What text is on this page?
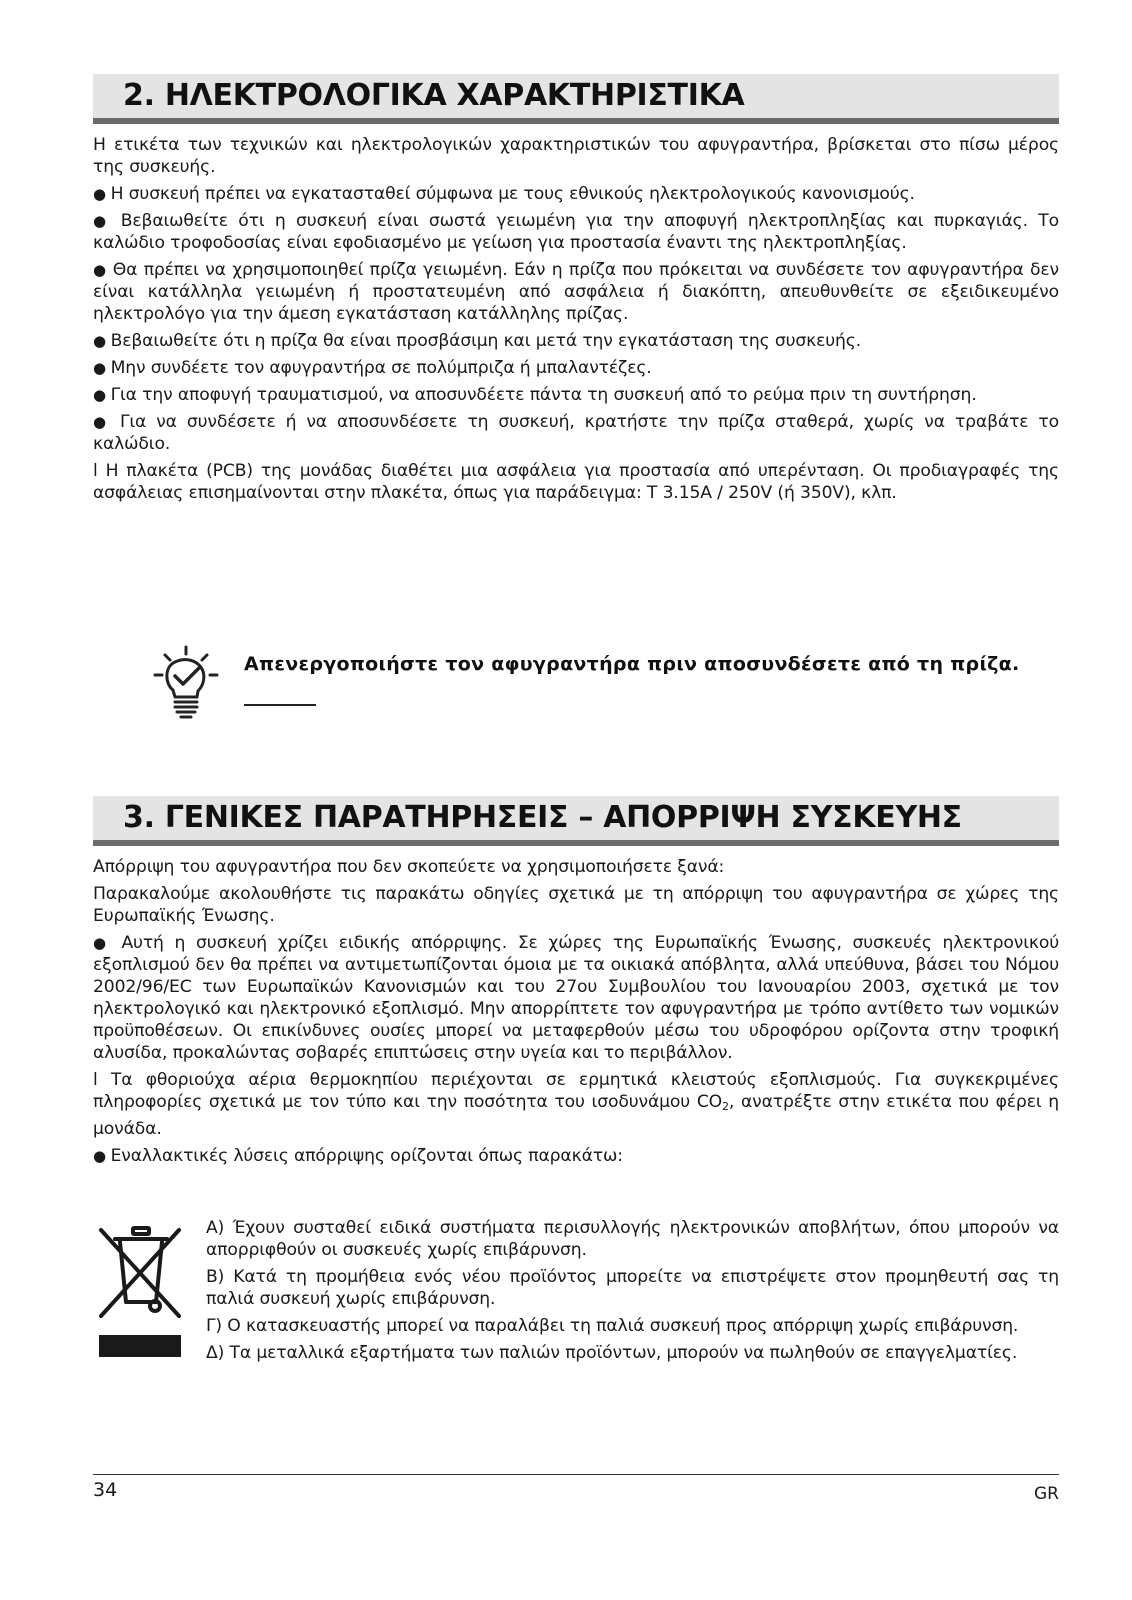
2. ΗΛΕΚΤΡΟΛΟΓΙΚΑ ΧΑΡΑΚΤΗΡΙΣΤΙΚΑ

Η ετικέτα των τεχνικών και ηλεκτρολογικών χαρακτηριστικών του αφυγραντήρα, βρίσκεται στο πίσω μέρος της συσκευής.

● Η συσκευή πρέπει να εγκατασταθεί σύμφωνα με τους εθνικούς ηλεκτρολογικούς κανονισμούς.

● Βεβαιωθείτε ότι η συσκευή είναι σωστά γειωμένη για την αποφυγή ηλεκτροπληξίας και πυρκαγιάς. Το καλώδιο τροφοδοσίας είναι εφοδιασμένο με γείωση για προστασία έναντι της ηλεκτροπληξίας.

● Θα πρέπει να χρησιμοποιηθεί πρίζα γειωμένη. Εάν η πρίζα που πρόκειται να συνδέσετε τον αφυγραντήρα δεν είναι κατάλληλα γειωμένη ή προστατευμένη από ασφάλεια ή διακόπτη, απευθυνθείτε σε εξειδικευμένο ηλεκτρολόγο για την άμεση εγκατάσταση κατάλληλης πρίζας.

● Βεβαιωθείτε ότι η πρίζα θα είναι προσβάσιμη και μετά την εγκατάσταση της συσκευής.

● Μην συνδέετε τον αφυγραντήρα σε πολύμπριζα ή μπαλαντέζες.

● Για την αποφυγή τραυματισμού, να αποσυνδέετε πάντα τη συσκευή από το ρεύμα πριν τη συντήρηση.

● Για να συνδέσετε ή να αποσυνδέσετε τη συσκευή, κρατήστε την πρίζα σταθερά, χωρίς να τραβάτε το καλώδιο.

l Η πλακέτα (PCB) της μονάδας διαθέτει μια ασφάλεια για προστασία από υπερένταση. Οι προδιαγραφές της ασφάλειας επισημαίνονται στην πλακέτα, όπως για παράδειγμα: T 3.15A / 250V (ή 350V), κλπ.

Απενεργοποιήστε τον αφυγραντήρα πριν αποσυνδέσετε από τη πρίζα.
3. ΓΕΝΙΚΕΣ ΠΑΡΑΤΗΡΗΣΕΙΣ – ΑΠΟΡΡΙΨΗ ΣΥΣΚΕΥΗΣ

Απόρριψη του αφυγραντήρα που δεν σκοπεύετε να χρησιμοποιήσετε ξανά:

Παρακαλούμε ακολουθήστε τις παρακάτω οδηγίες σχετικά με τη απόρριψη του αφυγραντήρα σε χώρες της Ευρωπαϊκής Ένωσης.

● Αυτή η συσκευή χρίζει ειδικής απόρριψης. Σε χώρες της Ευρωπαϊκής Ένωσης, συσκευές ηλεκτρονικού εξοπλισμού δεν θα πρέπει να αντιμετωπίζονται όμοια με τα οικιακά απόβλητα, αλλά υπεύθυνα, βάσει του Νόμου 2002/96/EC των Ευρωπαϊκών Κανονισμών και του 27ου Συμβουλίου του Ιανουαρίου 2003, σχετικά με τον ηλεκτρολογικό και ηλεκτρονικό εξοπλισμό. Μην απορρίπτετε τον αφυγραντήρα με τρόπο αντίθετο των νομικών προϋποθέσεων. Οι επικίνδυνες ουσίες μπορεί να μεταφερθούν μέσω του υδροφόρου ορίζοντα στην τροφική αλυσίδα, προκαλώντας σοβαρές επιπτώσεις στην υγεία και το περιβάλλον.

l Τα φθοριούχα αέρια θερμοκηπίου περιέχονται σε ερμητικά κλειστούς εξοπλισμούς. Για συγκεκριμένες πληροφορίες σχετικά με τον τύπο και την ποσότητα του ισοδυνάμου $CO_2$, ανατρέξτε στην ετικέτα που φέρει η μονάδα.

● Εναλλακτικές λύσεις απόρριψης ορίζονται όπως παρακάτω:

Α) Έχουν συσταθεί ειδικά συστήματα περισυλλογής ηλεκτρονικών αποβλήτων, όπου μπορούν να απορριφθούν οι συσκευές χωρίς επιβάρυνση.

Β) Κατά τη προμήθεια ενός νέου προϊόντος μπορείτε να επιστρέψετε στον προμηθευτή σας τη παλιά συσκευή χωρίς επιβάρυνση.

Γ) Ο κατασκευαστής μπορεί να παραλάβει τη παλιά συσκευή προς απόρριψη χωρίς επιβάρυνση.

Δ) Τα μεταλλικά εξαρτήματα των παλιών προϊόντων, μπορούν να πωληθούν σε επαγγελματίες.

34	GR
